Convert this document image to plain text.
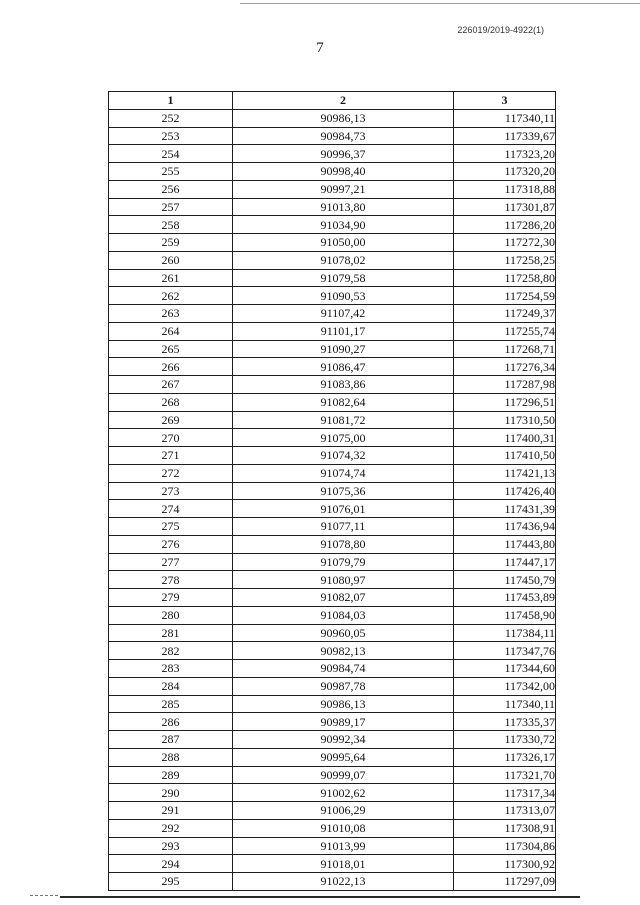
226019/2019-4922(1)
7
1	2	3
252	90986,13	117340,11
253	90984,73	117339,67
254	90996,37	117323,20
255	90998,40	117320,20
256	90997,21	117318,88
257	91013,80	117301,87
258	91034,90	117286,20
259	91050,00	117272,30
260	91078,02	117258,25
261	91079,58	117258,80
262	91090,53	117254,59
263	91107,42	117249,37
264	91101,17	117255,74
265	91090,27	117268,71
266	91086,47	117276,34
267	91083,86	117287,98
268	91082,64	117296,51
269	91081,72	117310,50
270	91075,00	117400,31
271	91074,32	117410,50
272	91074,74	117421,13
273	91075,36	117426,40
274	91076,01	117431,39
275	91077,11	117436,94
276	91078,80	117443,80
277	91079,79	117447,17
278	91080,97	117450,79
279	91082,07	117453,89
280	91084,03	117458,90
281	90960,05	117384,11
282	90982,13	117347,76
283	90984,74	117344,60
284	90987,78	117342,00
285	90986,13	117340,11
286	90989,17	117335,37
287	90992,34	117330,72
288	90995,64	117326,17
289	90999,07	117321,70
290	91002,62	117317,34
291	91006,29	117313,07
292	91010,08	117308,91
293	91013,99	117304,86
294	91018,01	117300,92
295	91022,13	117297,09
